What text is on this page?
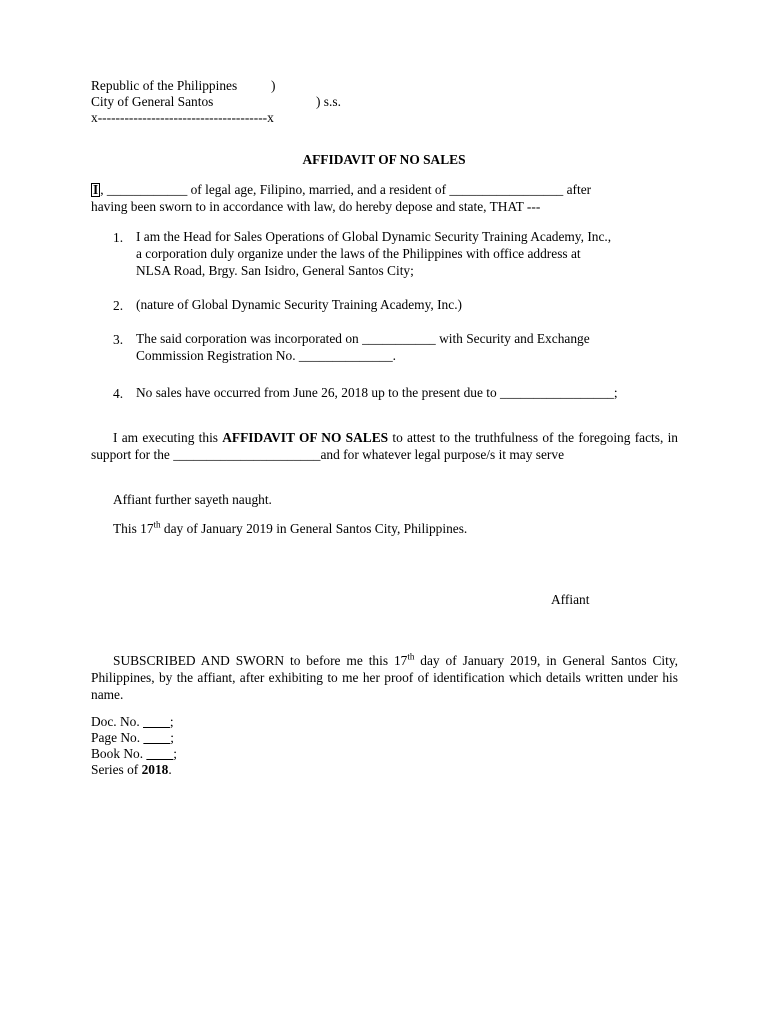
Republic of the Philippines	)
City of General Santos	) s.s.
x--------------------------------------x
AFFIDAVIT OF NO SALES
I , ____________ of legal age, Filipino, married, and a resident of _________________ after
having been sworn to in accordance with law, do hereby depose and state, THAT ---
1. I am the Head for Sales Operations of Global Dynamic Security Training Academy, Inc.,
a corporation duly organize under the laws of the Philippines with office address at
NLSA Road, Brgy. San Isidro, General Santos City;
2. (nature of Global Dynamic Security Training Academy, Inc.)
3. The said corporation was incorporated on ___________ with Security and Exchange
Commission Registration No. ______________.
4. No sales have occurred from June 26, 2018 up to the present due to _________________;
I am executing this AFFIDAVIT OF NO SALES to attest to the truthfulness of the foregoing facts, in support for the ______________________and for whatever legal purpose/s it may serve
Affiant further sayeth naught.
This 17th day of January 2019 in General Santos City, Philippines.
Affiant
SUBSCRIBED AND SWORN to before me this 17th day of January 2019, in General Santos City, Philippines, by the affiant, after exhibiting to me her proof of identification which details written under his name.
Doc. No. ____;
Page No. ____;
Book No. ____;
Series of 2018.
